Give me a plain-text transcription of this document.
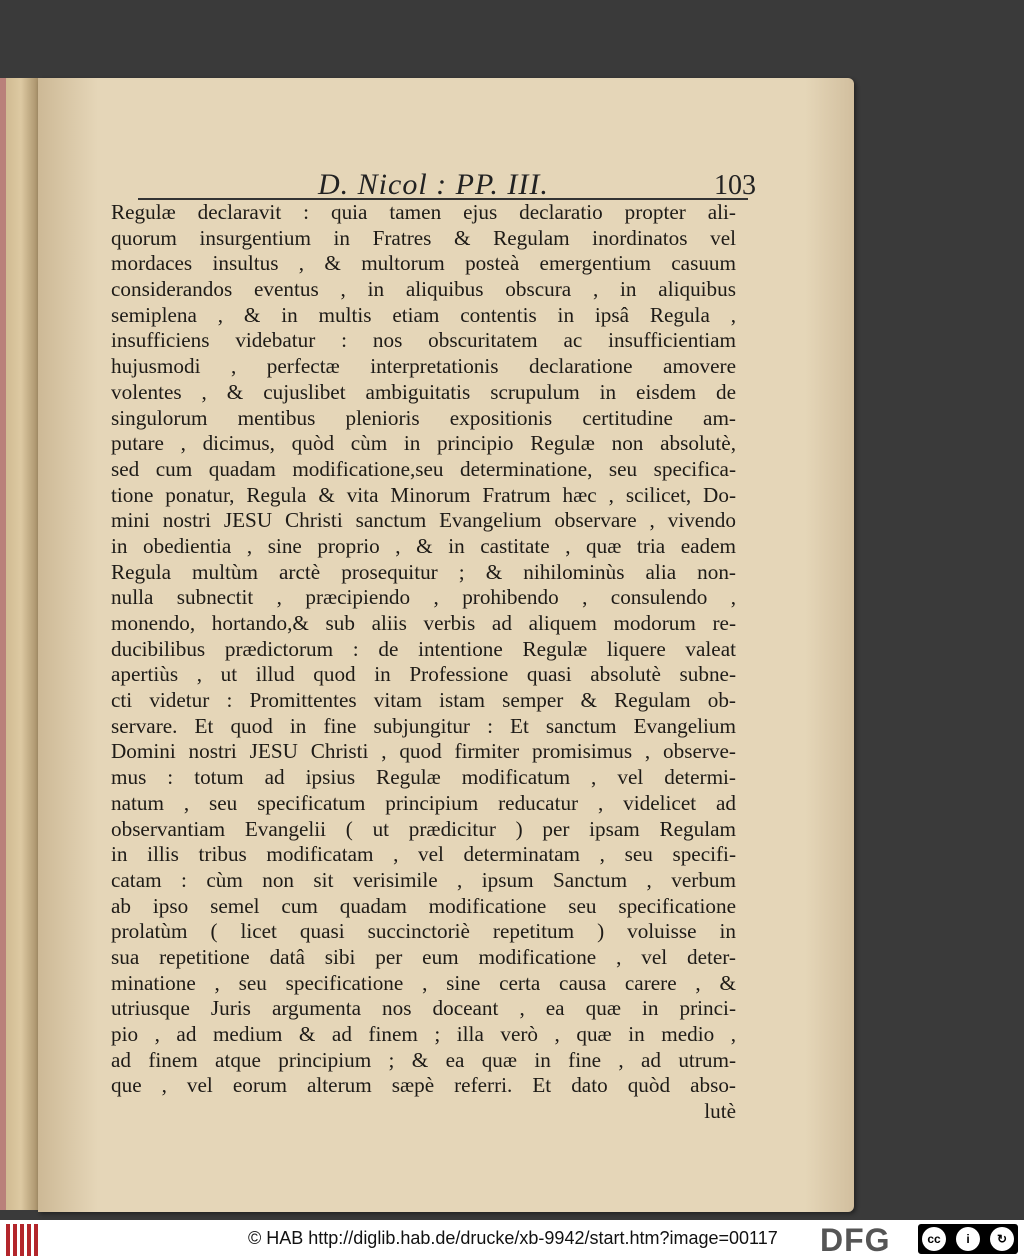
D. Nicol : PP. III.	103
Regulæ declaravit : quia tamen ejus declaratio propter ali-
quorum insurgentium in Fratres & Regulam inordinatos vel
mordaces insultus , & multorum posteà emergentium casuum
considerandos eventus , in aliquibus obscura , in aliquibus
semiplena , & in multis etiam contentis in ipsâ Regula ,
insufficiens videbatur : nos obscuritatem ac insufficientiam
hujusmodi , perfectæ interpretationis declaratione amovere
volentes , & cujuslibet ambiguitatis scrupulum in eisdem de
singulorum mentibus plenioris expositionis certitudine am-
putare , dicimus, quòd cùm in principio Regulæ non absolutè,
sed cum quadam modificatione,seu determinatione, seu specifica-
tione ponatur, Regula & vita Minorum Fratrum hæc , scilicet, Do-
mini nostri JESU Christi sanctum Evangelium observare , vivendo
in obedientia , sine proprio , & in castitate , quæ tria eadem
Regula multùm arctè prosequitur ; & nihilominùs alia non-
nulla subnectit , præcipiendo , prohibendo , consulendo ,
monendo, hortando,& sub aliis verbis ad aliquem modorum re-
ducibilibus prædictorum : de intentione Regulæ liquere valeat
apertiùs , ut illud quod in Professione quasi absolutè subne-
cti videtur : Promittentes vitam istam semper & Regulam ob-
servare. Et quod in fine subjungitur : Et sanctum Evangelium
Domini nostri JESU Christi , quod firmiter promisimus , observe-
mus : totum ad ipsius Regulæ modificatum , vel determi-
natum , seu specificatum principium reducatur , videlicet ad
observantiam Evangelii ( ut prædicitur ) per ipsam Regulam
in illis tribus modificatam , vel determinatam , seu specifi-
catam : cùm non sit verisimile , ipsum Sanctum , verbum
ab ipso semel cum quadam modificatione seu specificatione
prolatùm ( licet quasi succinctoriè repetitum ) voluisse in
sua repetitione datâ sibi per eum modificatione , vel deter-
minatione , seu specificatione , sine certa causa carere , &
utriusque Juris argumenta nos doceant , ea quæ in princi-
pio , ad medium & ad finem ; illa verò , quæ in medio ,
ad finem atque principium ; & ea quæ in fine , ad utrum-
que , vel eorum alterum sæpè referri. Et dato quòd abso-
lutè
© HAB http://diglib.hab.de/drucke/xb-9942/start.htm?image=00117 DFG	cc	i	↻
